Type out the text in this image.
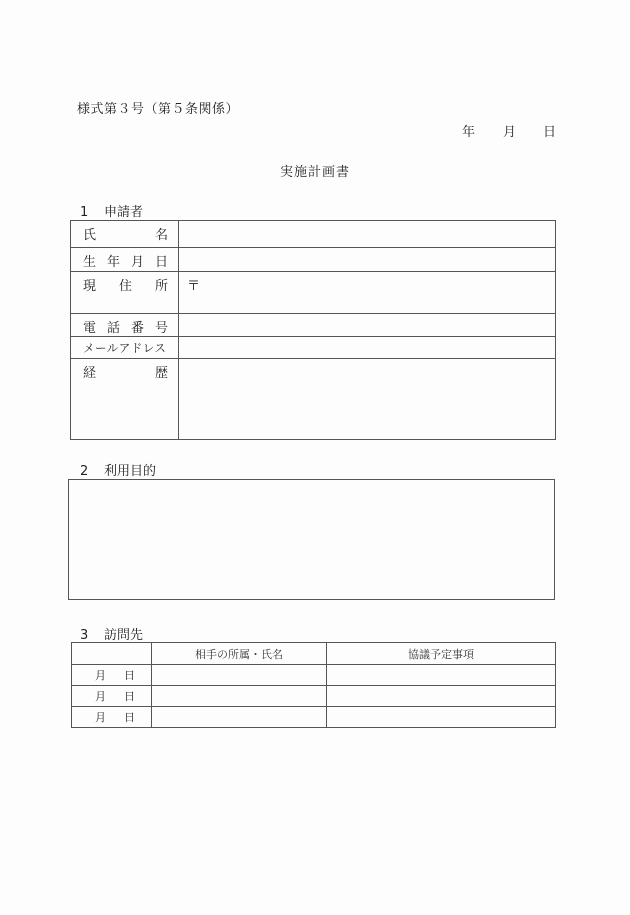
様式第３号（第５条関係）
年 月 日
実施計画書
1 申請者
氏 名	

生 年 月 日	

現 住 所	〒

電 話 番 号	

メールアドレス	

経 歴	

2 利用目的
3 訪問先
	相手の所属・氏名	協議予定事項
月 日		
月 日		
月 日		
